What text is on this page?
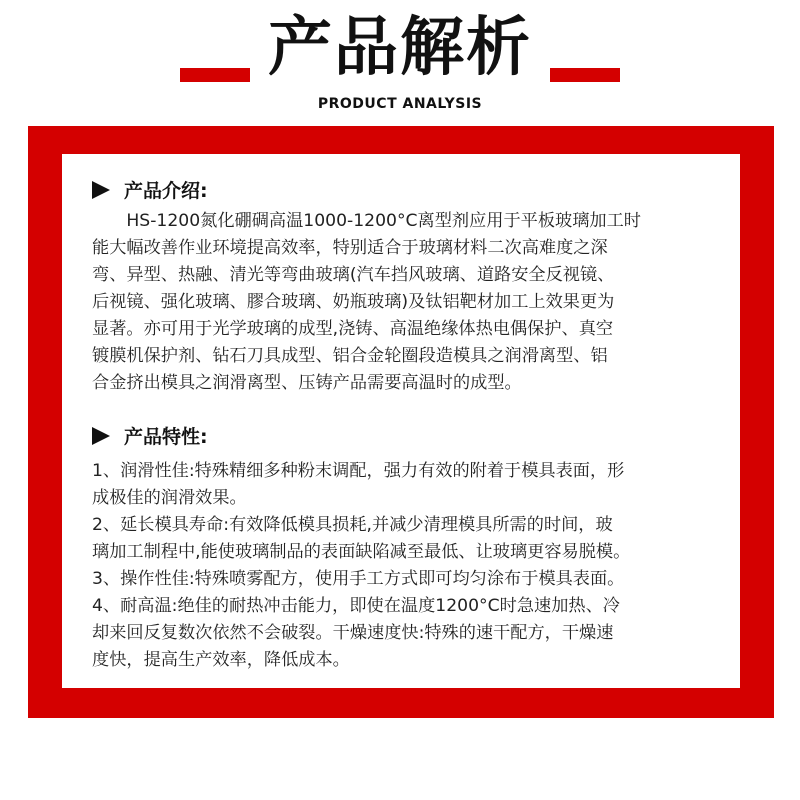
产品解析
PRODUCT ANALYSIS
产品介绍:
　　HS-1200氮化硼碉高温1000-1200°C离型剂应用于平板玻璃加工时
能大幅改善作业环境提高效率，特别适合于玻璃材料二次高难度之深
弯、异型、热融、清光等弯曲玻璃(汽车挡风玻璃、道路安全反视镜、
后视镜、强化玻璃、膠合玻璃、奶瓶玻璃)及钛铝靶材加工上效果更为
显著。亦可用于光学玻璃的成型,浇铸、高温绝缘体热电偶保护、真空
镀膜机保护剂、钻石刀具成型、铝合金轮圈段造模具之润滑离型、铝
合金挤出模具之润滑离型、压铸产品需要高温时的成型。
产品特性:
1、润滑性佳:特殊精细多种粉末调配，强力有效的附着于模具表面，形
成极佳的润滑效果。
2、延长模具寿命:有效降低模具损耗,并减少清理模具所需的时间，玻
璃加工制程中,能使玻璃制品的表面缺陷减至最低、让玻璃更容易脱模。
3、操作性佳:特殊喷雾配方，使用手工方式即可均匀涂布于模具表面。
4、耐高温:绝佳的耐热冲击能力，即使在温度1200°C时急速加热、冷
却来回反复数次依然不会破裂。干燥速度快:特殊的速干配方，干燥速
度快，提高生产效率，降低成本。
